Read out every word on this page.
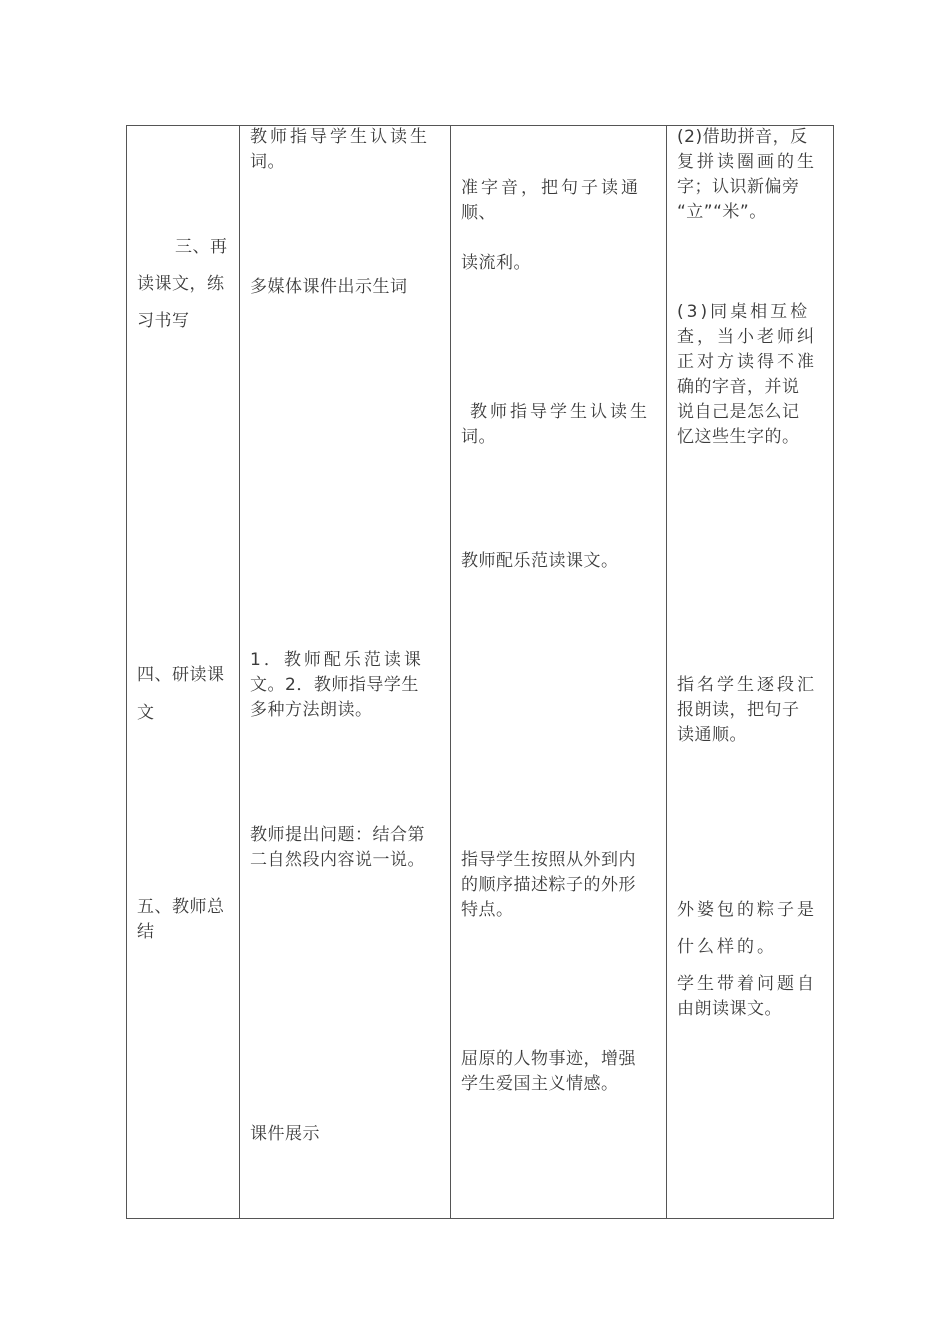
三、再
读课文，练
习书写
四、研读课
文
五、教师总
结
教师指导学生认读生
词。
多媒体课件出示生词
1．教师配乐范读课
文。2．教师指导学生
多种方法朗读。
教师提出问题：结合第
二自然段内容说一说。
课件展示
准字音，把句子读通
顺、
读流利。
教师指导学生认读生
词。
教师配乐范读课文。
指导学生按照从外到内
的顺序描述粽子的外形
特点。
屈原的人物事迹，增强
学生爱国主义情感。
(2)借助拼音，反
复拼读圈画的生
字；认识新偏旁
“立”“米”。
(3)同桌相互检
查，当小老师纠
正对方读得不准
确的字音，并说
说自己是怎么记
忆这些生字的。
指名学生逐段汇
报朗读，把句子
读通顺。
外婆包的粽子是
什么样的。
学生带着问题自
由朗读课文。
